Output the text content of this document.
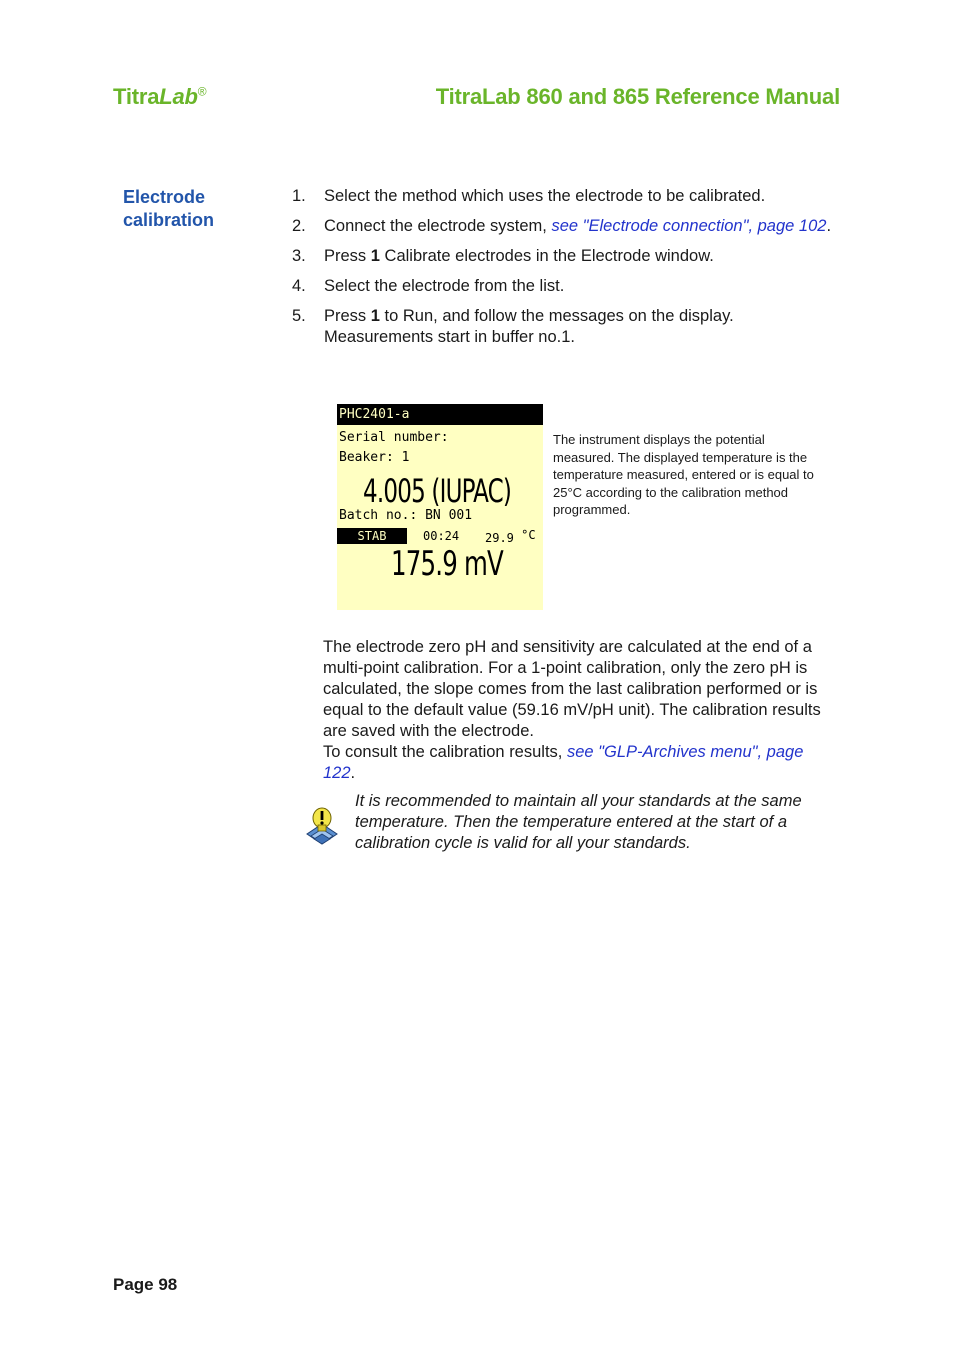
TitraLab®	TitraLab 860 and 865 Reference Manual
Electrode
calibration
1. Select the method which uses the electrode to be calibrated.
2. Connect the electrode system, see "Electrode connection", page 102.
3. Press 1 Calibrate electrodes in the Electrode window.
4. Select the electrode from the list.
5. Press 1 to Run, and follow the messages on the display. Measurements start in buffer no.1.
PHC2401-a
Serial number:
Beaker: 1
4.005 (IUPAC)
Batch no.: BN 001
STAB	00:24 29.9 °C
175.9 mV
The instrument displays the potential measured. The displayed temperature is the temperature measured, entered or is equal to 25°C according to the calibration method programmed.
The electrode zero pH and sensitivity are calculated at the end of a multi-point calibration. For a 1-point calibration, only the zero pH is calculated, the slope comes from the last calibration performed or is equal to the default value (59.16 mV/pH unit). The calibration results are saved with the electrode.
To consult the calibration results, see "GLP-Archives menu", page 122.
It is recommended to maintain all your standards at the same temperature. Then the temperature entered at the start of a calibration cycle is valid for all your standards.
Page 98
